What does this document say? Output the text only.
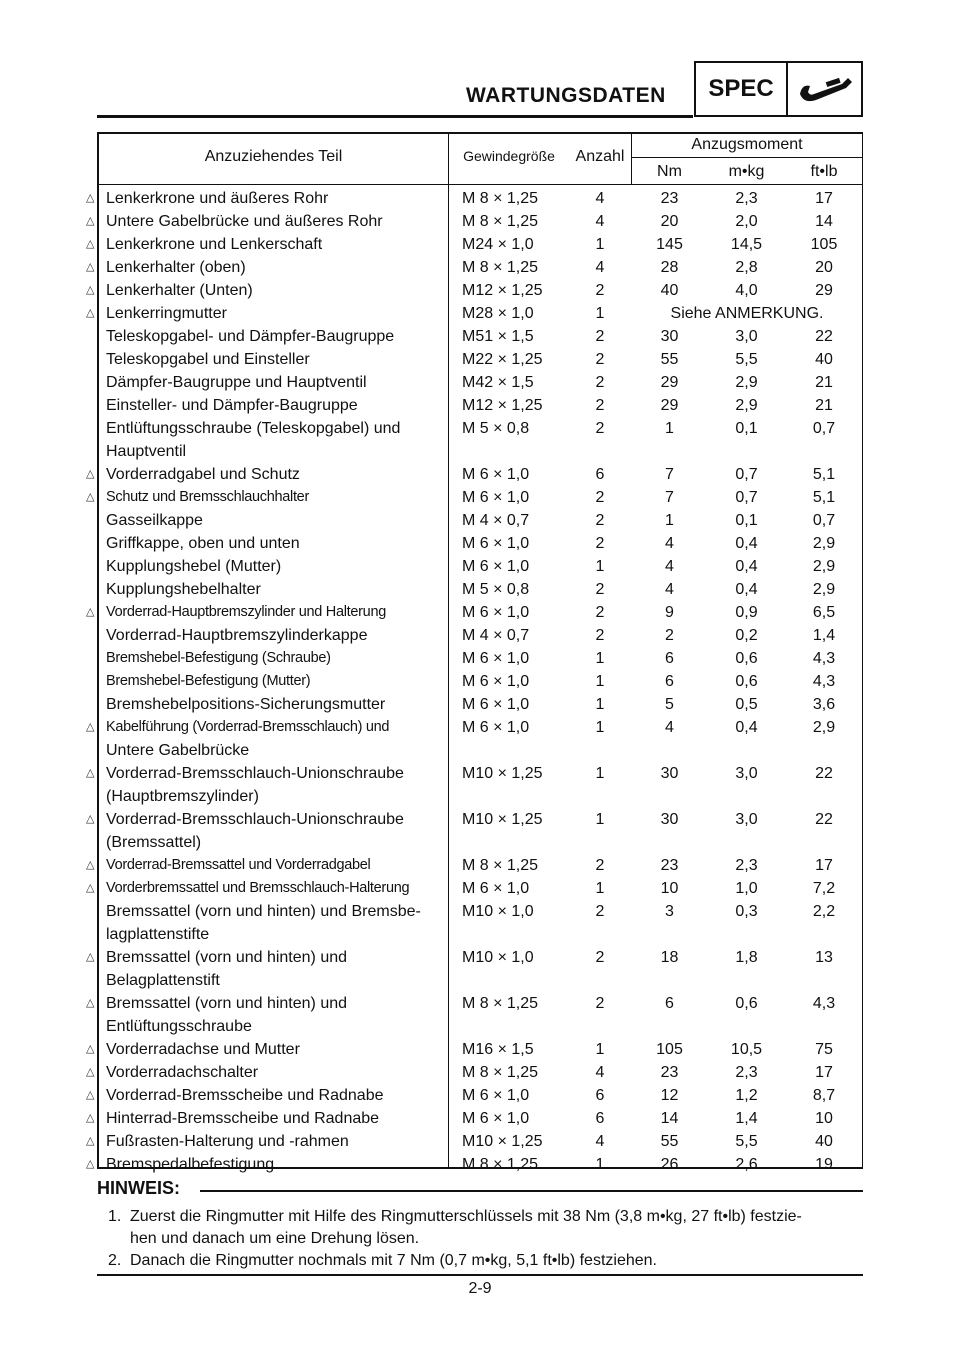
WARTUNGSDATEN	SPEC
Anzuziehendes Teil	Gewindegröße	Anzahl
Anzugsmoment
Nm	m•kg	ft•lb
△ Lenkerkrone und äußeres Rohr	M 8 × 1,25	4	23	2,3	17
△ Untere Gabelbrücke und äußeres Rohr	M 8 × 1,25	4	20	2,0	14
△ Lenkerkrone und Lenkerschaft	M24 × 1,0	1	145	14,5	105
△ Lenkerhalter (oben)	M 8 × 1,25	4	28	2,8	20
△ Lenkerhalter (Unten)	M12 × 1,25	2	40	4,0	29
△ Lenkerringmutter	M28 × 1,0	1	Siehe ANMERKUNG.
Teleskopgabel- und Dämpfer-Baugruppe	M51 × 1,5	2	30	3,0	22
Teleskopgabel und Einsteller	M22 × 1,25	2	55	5,5	40
Dämpfer-Baugruppe und Hauptventil	M42 × 1,5	2	29	2,9	21
Einsteller- und Dämpfer-Baugruppe	M12 × 1,25	2	29	2,9	21
Entlüftungsschraube (Teleskopgabel) und	M 5 × 0,8	2	1	0,1	0,7
Hauptventil
△ Vorderradgabel und Schutz	M 6 × 1,0	6	7	0,7	5,1
△ Schutz und Bremsschlauchhalter	M 6 × 1,0	2	7	0,7	5,1
Gasseilkappe	M 4 × 0,7	2	1	0,1	0,7
Griffkappe, oben und unten	M 6 × 1,0	2	4	0,4	2,9
Kupplungshebel (Mutter)	M 6 × 1,0	1	4	0,4	2,9
Kupplungshebelhalter	M 5 × 0,8	2	4	0,4	2,9
△ Vorderrad-Hauptbremszylinder und Halterung	M 6 × 1,0	2	9	0,9	6,5
Vorderrad-Hauptbremszylinderkappe	M 4 × 0,7	2	2	0,2	1,4
Bremshebel-Befestigung (Schraube)	M 6 × 1,0	1	6	0,6	4,3
Bremshebel-Befestigung (Mutter)	M 6 × 1,0	1	6	0,6	4,3
Bremshebelpositions-Sicherungsmutter	M 6 × 1,0	1	5	0,5	3,6
△ Kabelführung (Vorderrad-Bremsschlauch) und	M 6 × 1,0	1	4	0,4	2,9
Untere Gabelbrücke
△ Vorderrad-Bremsschlauch-Unionschraube	M10 × 1,25	1	30	3,0	22
(Hauptbremszylinder)
△ Vorderrad-Bremsschlauch-Unionschraube	M10 × 1,25	1	30	3,0	22
(Bremssattel)
△ Vorderrad-Bremssattel und Vorderradgabel	M 8 × 1,25	2	23	2,3	17
△ Vorderbremssattel und Bremsschlauch-Halterung	M 6 × 1,0	1	10	1,0	7,2
Bremssattel (vorn und hinten) und Bremsbe-	M10 × 1,0	2	3	0,3	2,2
lagplattenstifte
△ Bremssattel (vorn und hinten) und	M10 × 1,0	2	18	1,8	13
Belagplattenstift
△ Bremssattel (vorn und hinten) und	M 8 × 1,25	2	6	0,6	4,3
Entlüftungsschraube
△ Vorderradachse und Mutter	M16 × 1,5	1	105	10,5	75
△ Vorderradachschalter	M 8 × 1,25	4	23	2,3	17
△ Vorderrad-Bremsscheibe und Radnabe	M 6 × 1,0	6	12	1,2	8,7
△ Hinterrad-Bremsscheibe und Radnabe	M 6 × 1,0	6	14	1,4	10
△ Fußrasten-Halterung und -rahmen	M10 × 1,25	4	55	5,5	40
△ Bremspedalbefestigung	M 8 × 1,25	1	26	2,6	19
HINWEIS:
1. Zuerst die Ringmutter mit Hilfe des Ringmutterschlüssels mit 38 Nm (3,8 m•kg, 27 ft•lb) festzie-
hen und danach um eine Drehung lösen.
2. Danach die Ringmutter nochmals mit 7 Nm (0,7 m•kg, 5,1 ft•lb) festziehen.
2-9
